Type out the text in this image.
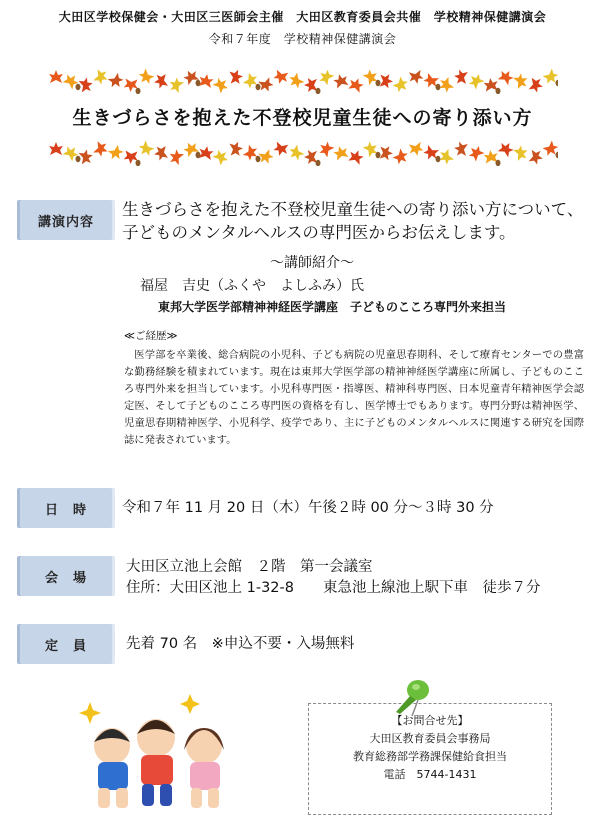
大田区学校保健会・大田区三医師会主催　大田区教育委員会共催　学校精神保健講演会
令和７年度　学校精神保健講演会
生きづらさを抱えた不登校児童生徒への寄り添い方
講演内容
生きづらさを抱えた不登校児童生徒への寄り添い方について、子どものメンタルヘルスの専門医からお伝えします。
～講師紹介～
福屋　吉史（ふくや　よしふみ）氏
東邦大学医学部精神神経医学講座　子どものこころ専門外来担当
≪ご経歴≫
医学部を卒業後、総合病院の小児科、子ども病院の児童思春期科、そして療育センターでの豊富な勤務経験を積まれています。現在は東邦大学医学部の精神神経医学講座に所属し、子どものこころ専門外来を担当しています。小児科専門医・指導医、精神科専門医、日本児童青年精神医学会認定医、そして子どものこころ専門医の資格を有し、医学博士でもあります。専門分野は精神医学、児童思春期精神医学、小児科学、疫学であり、主に子どものメンタルヘルスに関連する研究を国際誌に発表されています。
日　時	令和７年 11 月 20 日（木）午後２時 00 分～３時 30 分
会　場
大田区立池上会館　２階　第一会議室
住所：大田区池上 1-32-8　　東急池上線池上駅下車　徒歩７分
定　員	先着 70 名　※申込不要・入場無料
【お問合せ先】
大田区教育委員会事務局
教育総務部学務課保健給食担当
電話　5744-1431
